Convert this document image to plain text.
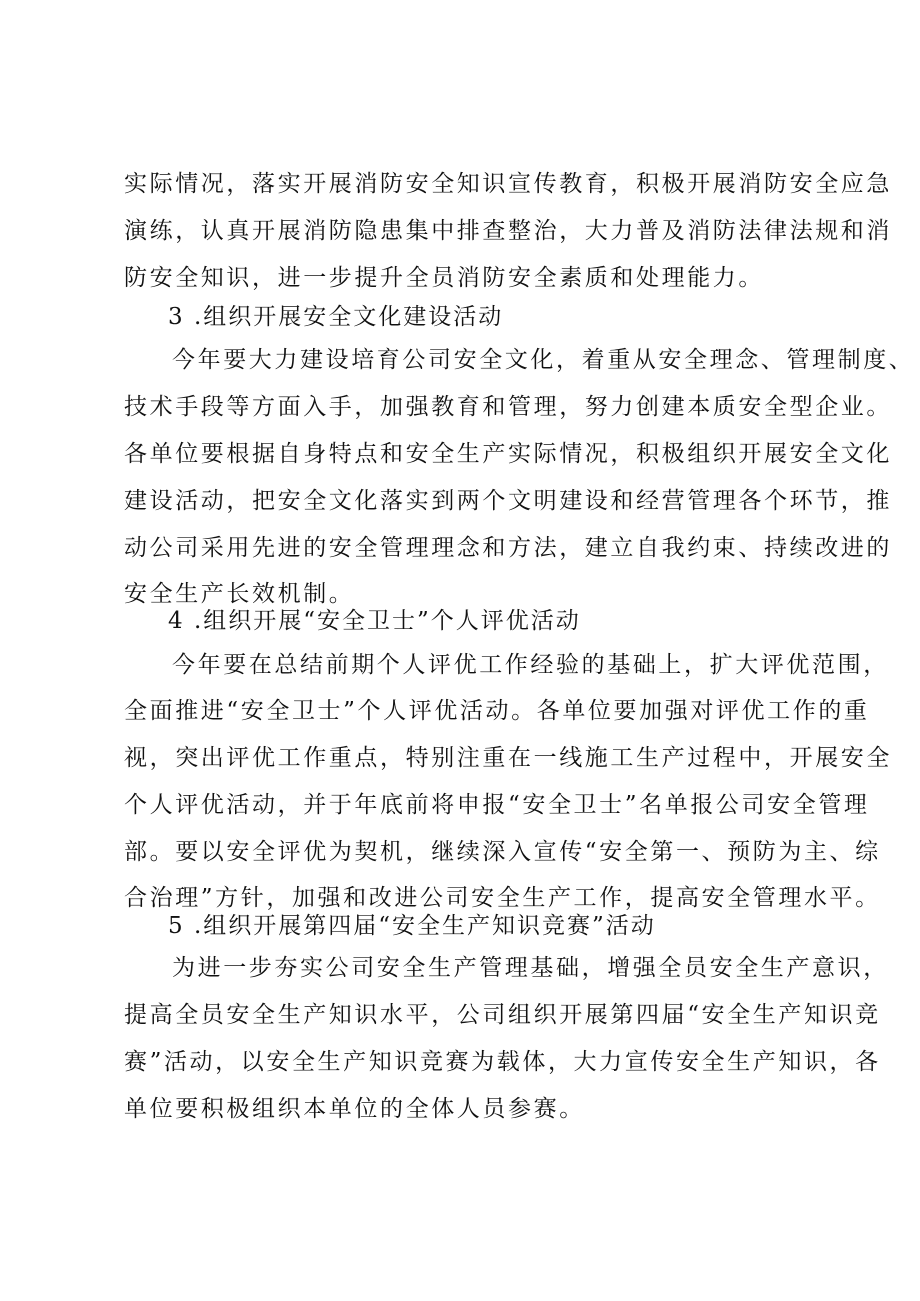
实际情况，落实开展消防安全知识宣传教育，积极开展消防安全应急
演练，认真开展消防隐患集中排查整治，大力普及消防法律法规和消
防安全知识，进一步提升全员消防安全素质和处理能力。
3 .组织开展安全文化建设活动
今年要大力建设培育公司安全文化，着重从安全理念、管理制度、
技术手段等方面入手，加强教育和管理，努力创建本质安全型企业。
各单位要根据自身特点和安全生产实际情况，积极组织开展安全文化
建设活动，把安全文化落实到两个文明建设和经营管理各个环节，推
动公司采用先进的安全管理理念和方法，建立自我约束、持续改进的
安全生产长效机制。
4 .组织开展“安全卫士”个人评优活动
今年要在总结前期个人评优工作经验的基础上，扩大评优范围，
全面推进“安全卫士”个人评优活动。各单位要加强对评优工作的重
视，突出评优工作重点，特别注重在一线施工生产过程中，开展安全
个人评优活动，并于年底前将申报“安全卫士”名单报公司安全管理
部。要以安全评优为契机，继续深入宣传“安全第一、预防为主、综
合治理”方针，加强和改进公司安全生产工作，提高安全管理水平。
5 .组织开展第四届“安全生产知识竞赛”活动
为进一步夯实公司安全生产管理基础，增强全员安全生产意识，
提高全员安全生产知识水平，公司组织开展第四届“安全生产知识竞
赛”活动，以安全生产知识竞赛为载体，大力宣传安全生产知识，各
单位要积极组织本单位的全体人员参赛。
